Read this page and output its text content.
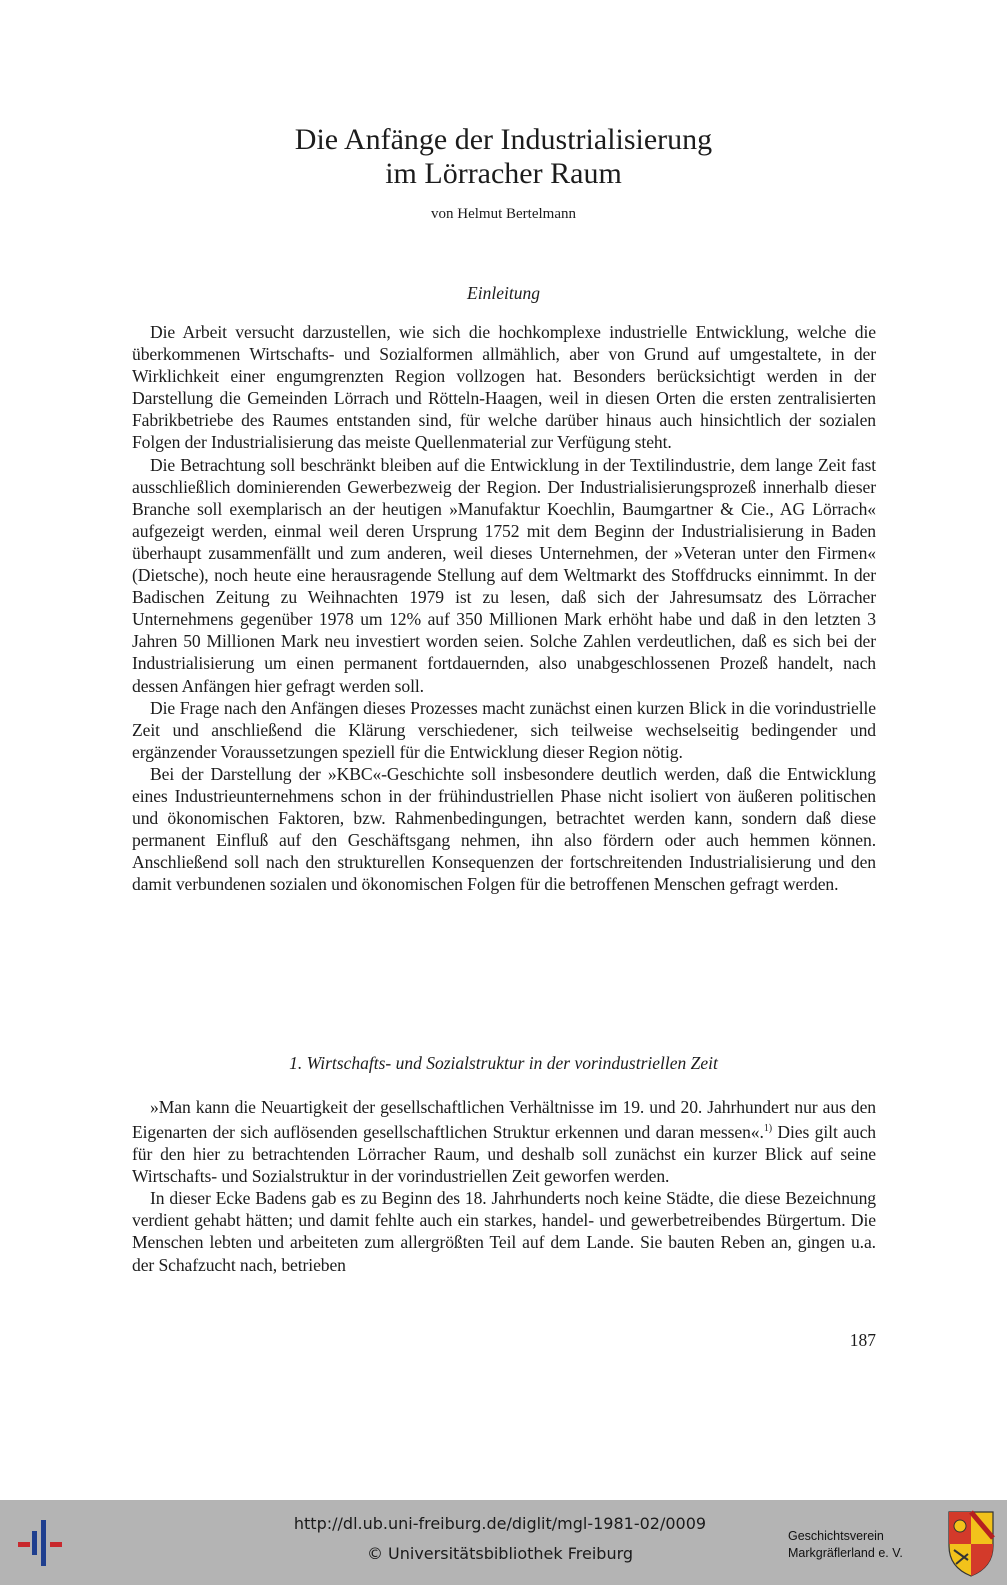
Die Anfänge der Industrialisierung
im Lörracher Raum
von Helmut Bertelmann
Einleitung

Die Arbeit versucht darzustellen, wie sich die hochkomplexe industrielle Entwicklung, welche die überkommenen Wirtschafts- und Sozialformen allmählich, aber von Grund auf umgestaltete, in der Wirklichkeit einer engumgrenzten Region vollzogen hat. Besonders berücksichtigt werden in der Darstellung die Gemeinden Lörrach und Rötteln-Haagen, weil in diesen Orten die ersten zentralisierten Fabrikbetriebe des Raumes entstanden sind, für welche darüber hinaus auch hinsichtlich der sozialen Folgen der Industrialisierung das meiste Quellenmaterial zur Verfügung steht.

Die Betrachtung soll beschränkt bleiben auf die Entwicklung in der Textilindustrie, dem lange Zeit fast ausschließlich dominierenden Gewerbezweig der Region. Der Industrialisierungsprozeß innerhalb dieser Branche soll exemplarisch an der heutigen »Manufaktur Koechlin, Baumgartner & Cie., AG Lörrach« aufgezeigt werden, einmal weil deren Ursprung 1752 mit dem Beginn der Industrialisierung in Baden überhaupt zusammenfällt und zum anderen, weil dieses Unternehmen, der »Veteran unter den Firmen« (Dietsche), noch heute eine herausragende Stellung auf dem Weltmarkt des Stoffdrucks einnimmt. In der Badischen Zeitung zu Weihnachten 1979 ist zu lesen, daß sich der Jahresumsatz des Lörracher Unternehmens gegenüber 1978 um 12% auf 350 Millionen Mark erhöht habe und daß in den letzten 3 Jahren 50 Millionen Mark neu investiert worden seien. Solche Zahlen verdeutlichen, daß es sich bei der Industrialisierung um einen permanent fortdauernden, also unabgeschlossenen Prozeß handelt, nach dessen Anfängen hier gefragt werden soll.

Die Frage nach den Anfängen dieses Prozesses macht zunächst einen kurzen Blick in die vorindustrielle Zeit und anschließend die Klärung verschiedener, sich teilweise wechselseitig bedingender und ergänzender Voraussetzungen speziell für die Entwicklung dieser Region nötig.

Bei der Darstellung der »KBC«-Geschichte soll insbesondere deutlich werden, daß die Entwicklung eines Industrieunternehmens schon in der frühindustriellen Phase nicht isoliert von äußeren politischen und ökonomischen Faktoren, bzw. Rahmenbedingungen, betrachtet werden kann, sondern daß diese permanent Einfluß auf den Geschäftsgang nehmen, ihn also fördern oder auch hemmen können. Anschließend soll nach den strukturellen Konsequenzen der fortschreitenden Industrialisierung und den damit verbundenen sozialen und ökonomischen Folgen für die betroffenen Menschen gefragt werden.

1. Wirtschafts- und Sozialstruktur in der vorindustriellen Zeit

»Man kann die Neuartigkeit der gesellschaftlichen Verhältnisse im 19. und 20. Jahrhundert nur aus den Eigenarten der sich auflösenden gesellschaftlichen Struktur erkennen und daran messen«.$^{1)}$ Dies gilt auch für den hier zu betrachtenden Lörracher Raum, und deshalb soll zunächst ein kurzer Blick auf seine Wirtschafts- und Sozialstruktur in der vorindustriellen Zeit geworfen werden.

In dieser Ecke Badens gab es zu Beginn des 18. Jahrhunderts noch keine Städte, die diese Bezeichnung verdient gehabt hätten; und damit fehlte auch ein starkes, handel- und gewerbetreibendes Bürgertum. Die Menschen lebten und arbeiteten zum allergrößten Teil auf dem Lande. Sie bauten Reben an, gingen u.a. der Schafzucht nach, betrieben

187
http://dl.ub.uni-freiburg.de/diglit/mgl-1981-02/0009
© Universitätsbibliothek Freiburg
Geschichtsverein
Markgräflerland e. V.
